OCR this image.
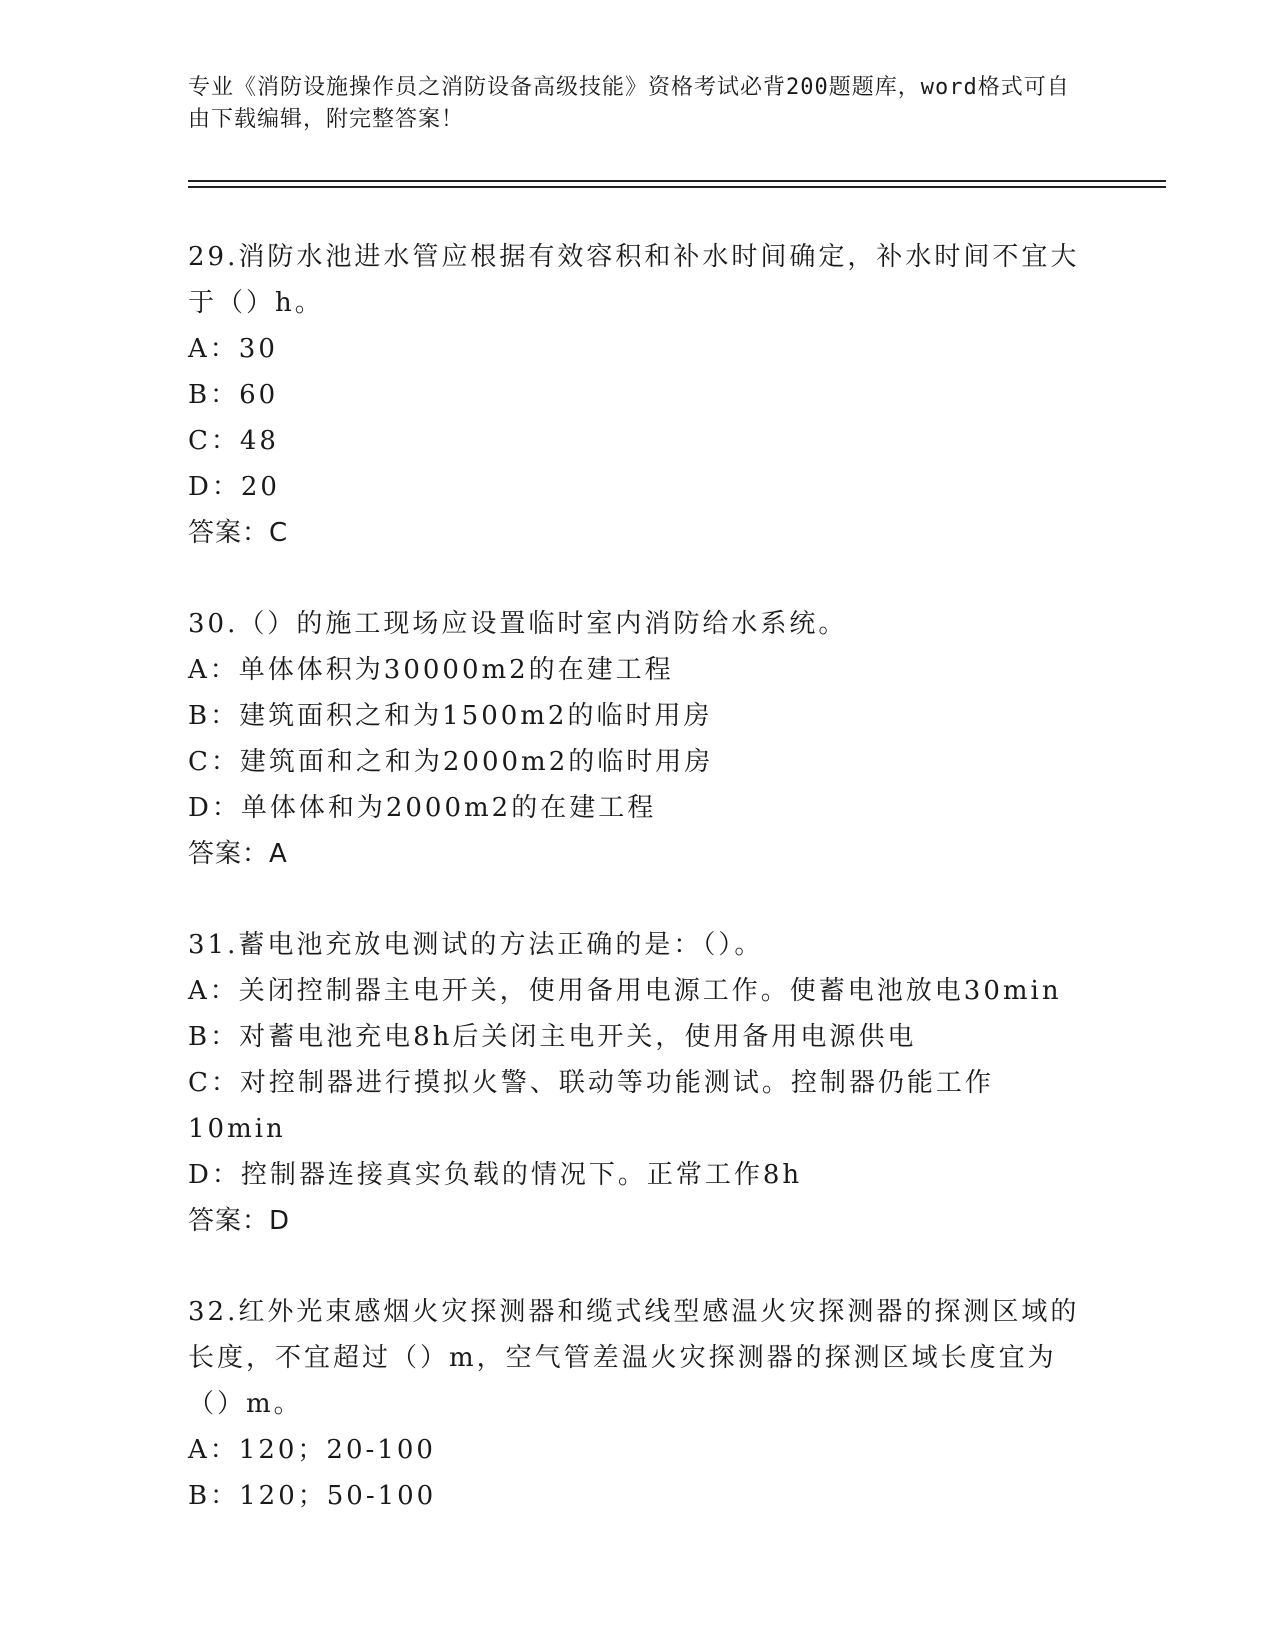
专业《消防设施操作员之消防设备高级技能》资格考试必背200题题库，word格式可自由下载编辑，附完整答案！

29.消防水池进水管应根据有效容积和补水时间确定，补水时间不宜大于（）h。

A：30

B：60

C：48

D：20

答案：C

30.（）的施工现场应设置临时室内消防给水系统。

A：单体体积为30000m2的在建工程

B：建筑面积之和为1500m2的临时用房

C：建筑面和之和为2000m2的临时用房

D：单体体和为2000m2的在建工程

答案：A

31.蓄电池充放电测试的方法正确的是：（）。

A：关闭控制器主电开关，使用备用电源工作。使蓄电池放电30min

B：对蓄电池充电8h后关闭主电开关，使用备用电源供电

C：对控制器进行摸拟火警、联动等功能测试。控制器仍能工作10min

D：控制器连接真实负载的情况下。正常工作8h

答案：D

32.红外光束感烟火灾探测器和缆式线型感温火灾探测器的探测区域的长度，不宜超过（）m，空气管差温火灾探测器的探测区域长度宜为（）m。

A：120；20-100

B：120；50-100
